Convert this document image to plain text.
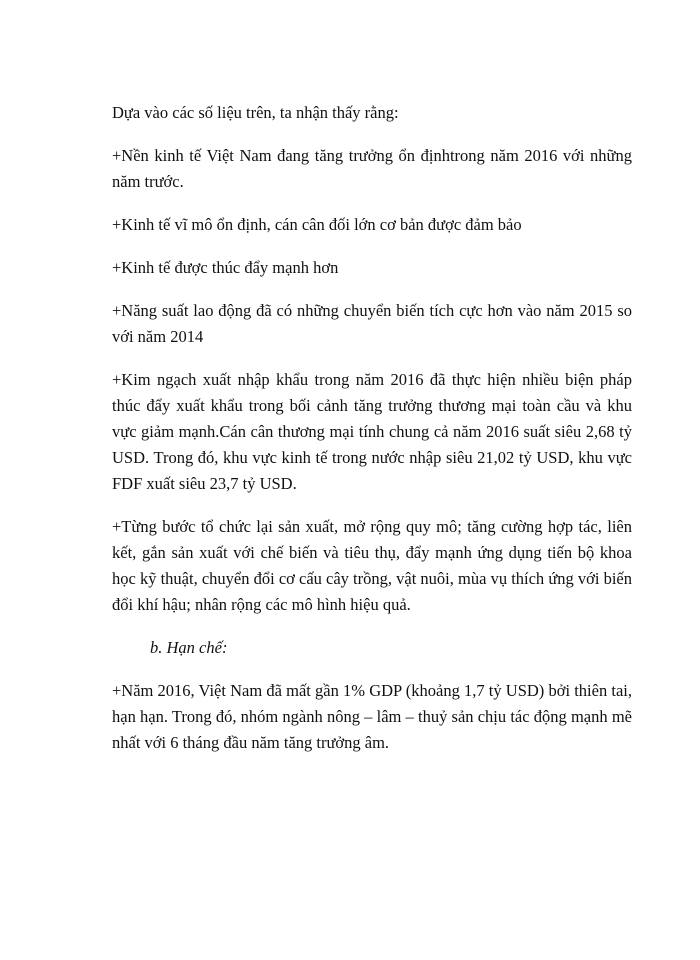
Dựa vào các số liệu trên, ta nhận thấy rằng:

+Nền kinh tế Việt Nam đang tăng trưởng ổn địnhtrong năm 2016 với những năm trước.

+Kinh tế vĩ mô ổn định, cán cân đối lớn cơ bản được đảm bảo

+Kinh tế được thúc đẩy mạnh hơn

+Năng suất lao động đã có những chuyển biến tích cực hơn vào năm 2015 so với năm 2014

+Kim ngạch xuất nhập khẩu trong năm 2016 đã thực hiện nhiều biện pháp thúc đẩy xuất khẩu trong bối cảnh tăng trưởng thương mại toàn cầu và khu vực giảm mạnh.Cán cân thương mại tính chung cả năm 2016 suất siêu 2,68 tỷ USD. Trong đó, khu vực kinh tế trong nước nhập siêu 21,02 tỷ USD, khu vực FDF xuất siêu 23,7 tỷ USD.

+Từng bước tổ chức lại sản xuất, mở rộng quy mô; tăng cường hợp tác, liên kết, gắn sản xuất với chế biến và tiêu thụ, đẩy mạnh ứng dụng tiến bộ khoa học kỹ thuật, chuyển đổi cơ cấu cây trồng, vật nuôi, mùa vụ thích ứng với biến đổi khí hậu; nhân rộng các mô hình hiệu quả.

b. Hạn chế:

+Năm 2016, Việt Nam đã mất gần 1% GDP (khoảng 1,7 tỷ USD) bởi thiên tai, hạn hạn. Trong đó, nhóm ngành nông – lâm – thuỷ sản chịu tác động mạnh mẽ nhất với 6 tháng đầu năm tăng trưởng âm.
